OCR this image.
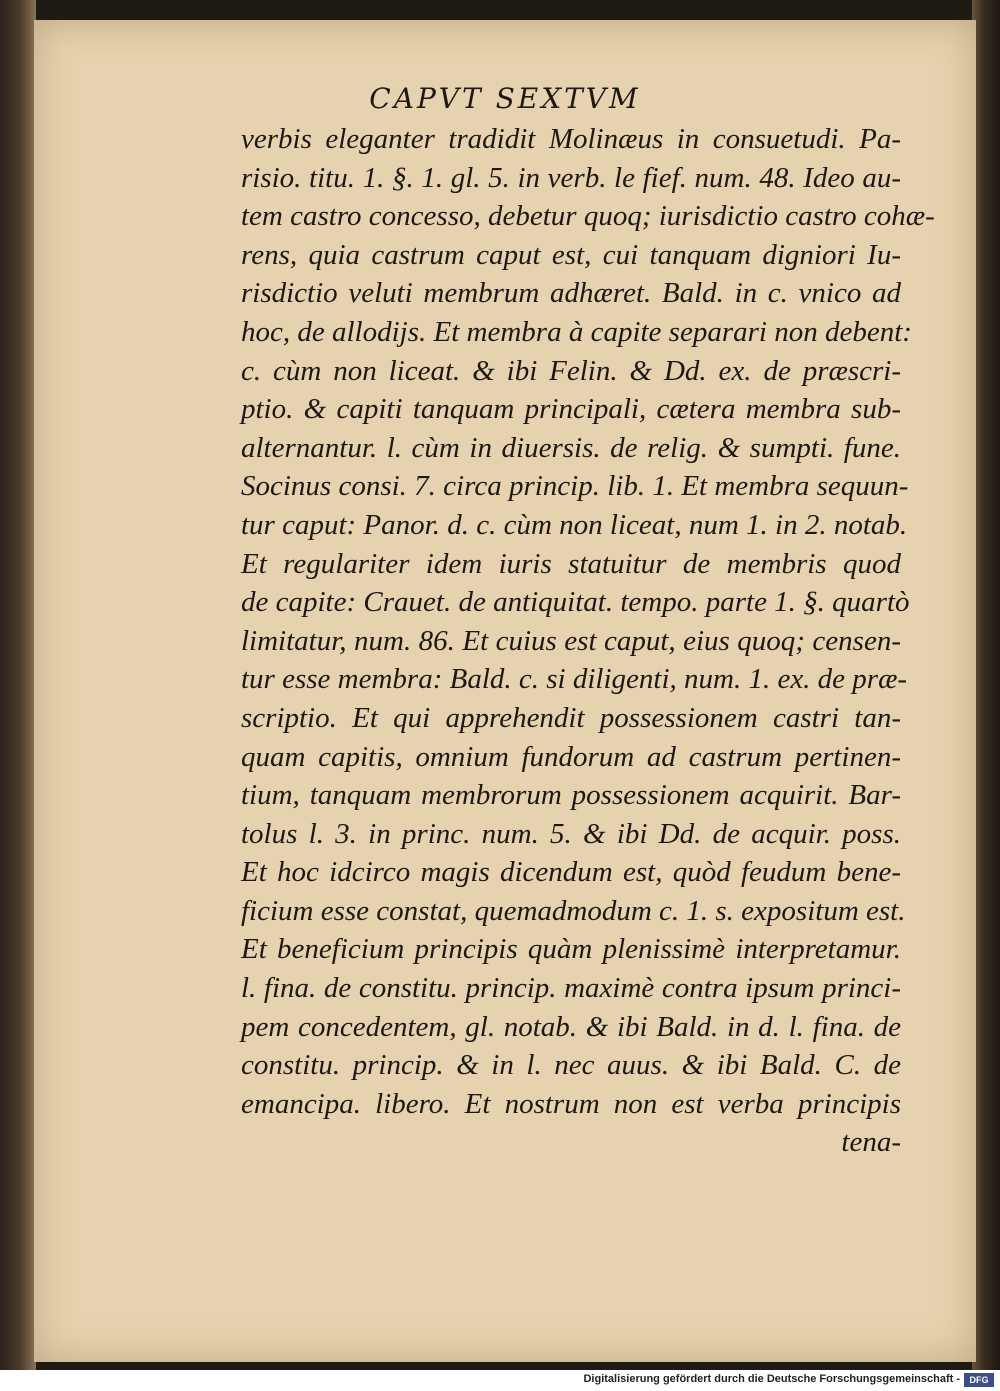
CAPVT SEXTVM
verbis eleganter tradidit Molinæus in consuetudi. Pa-
risio. titu. 1. §. 1. gl. 5. in verb. le fief. num. 48. Ideo au-
tem castro concesso, debetur quoq; iurisdictio castro cohæ-
rens, quia castrum caput est, cui tanquam digniori Iu-
risdictio veluti membrum adhæret. Bald. in c. vnico ad
hoc, de allodijs. Et membra à capite separari non debent:
c. cùm non liceat. & ibi Felin. & Dd. ex. de præscri-
ptio. & capiti tanquam principali, cætera membra sub-
alternantur. l. cùm in diuersis. de relig. & sumpti. fune.
Socinus consi. 7. circa princip. lib. 1. Et membra sequun-
tur caput: Panor. d. c. cùm non liceat, num 1. in 2. notab.
Et regulariter idem iuris statuitur de membris quod
de capite: Crauet. de antiquitat. tempo. parte 1. §. quartò
limitatur, num. 86. Et cuius est caput, eius quoq; censen-
tur esse membra: Bald. c. si diligenti, num. 1. ex. de præ-
scriptio. Et qui apprehendit possessionem castri tan-
quam capitis, omnium fundorum ad castrum pertinen-
tium, tanquam membrorum possessionem acquirit. Bar-
tolus l. 3. in princ. num. 5. & ibi Dd. de acquir. poss.
Et hoc idcirco magis dicendum est, quòd feudum bene-
ficium esse constat, quemadmodum c. 1. s. expositum est.
Et beneficium principis quàm plenissimè interpretamur.
l. fina. de constitu. princip. maximè contra ipsum princi-
pem concedentem, gl. notab. & ibi Bald. in d. l. fina. de
constitu. princip. & in l. nec auus. & ibi Bald. C. de
emancipa. libero. Et nostrum non est verba principis
tena-
Digitalisierung gefördert durch die Deutsche Forschungsgemeinschaft -	DFG
